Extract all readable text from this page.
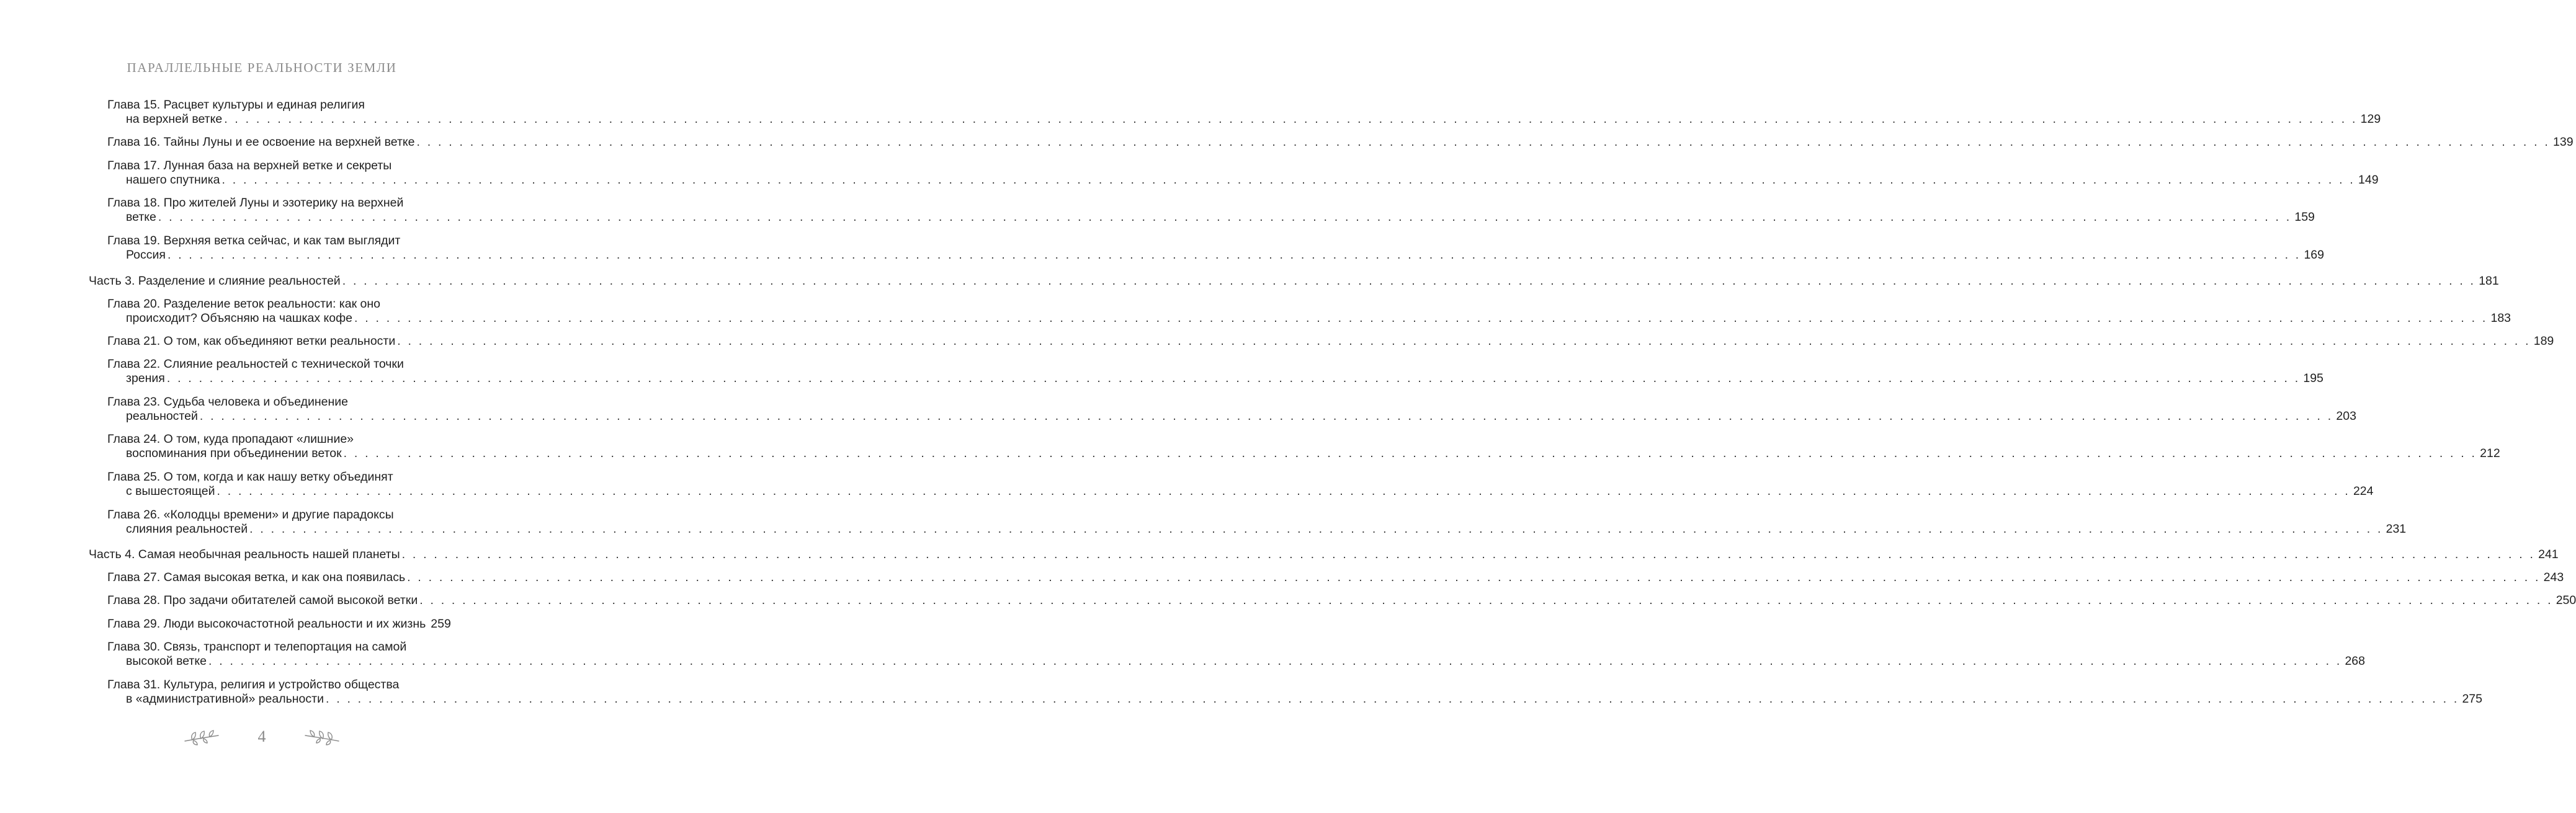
ПАРАЛЛЕЛЬНЫЕ РЕАЛЬНОСТИ ЗЕМЛИ
Глава 15. Расцвет культуры и единая религия
на верхней ветке . . . . . . . . . . . . . . . . . . . . . . . . . . . . . . . . . . . . . . . . . . . . . . . . . . . . . . . . . . . . . . . . . . . . . . . . . . . . . . . . . . . . . . . . . . . . . . . . . . . . . . . . . . . . . . . . . . . . . . . . . . . . . . . . . . . . . . . . . . . . . . . . . . . . . . . . . . . . . . . . . . . . . . . . . . . . . . . . . . . . . . . . . . . . . . . . . . . . . . . . 129
Глава 16. Тайны Луны и ее освоение на верхней ветке . . . . . . . . . . . . . . . . . . . . . . . . . . . . . . . . . . . . . . . . . . . . . . . . . . . . . . . . . . . . . . . . . . . . . . . . . . . . . . . . . . . . . . . . . . . . . . . . . . . . . . . . . . . . . . . . . . . . . . . . . . . . . . . . . . . . . . . . . . . . . . . . . . . . . . . . . . . . . . . . . . . . . . . . . . . . . . . . . . . . . . . . . . . . . . . . . . . . . . . . 139
Глава 17. Лунная база на верхней ветке и секреты
нашего спутника . . . . . . . . . . . . . . . . . . . . . . . . . . . . . . . . . . . . . . . . . . . . . . . . . . . . . . . . . . . . . . . . . . . . . . . . . . . . . . . . . . . . . . . . . . . . . . . . . . . . . . . . . . . . . . . . . . . . . . . . . . . . . . . . . . . . . . . . . . . . . . . . . . . . . . . . . . . . . . . . . . . . . . . . . . . . . . . . . . . . . . . . . . . . . . . . . . . . . . . . 149
Глава 18. Про жителей Луны и эзотерику на верхней
ветке . . . . . . . . . . . . . . . . . . . . . . . . . . . . . . . . . . . . . . . . . . . . . . . . . . . . . . . . . . . . . . . . . . . . . . . . . . . . . . . . . . . . . . . . . . . . . . . . . . . . . . . . . . . . . . . . . . . . . . . . . . . . . . . . . . . . . . . . . . . . . . . . . . . . . . . . . . . . . . . . . . . . . . . . . . . . . . . . . . . . . . . . . . . . . . . . . . . . . . . . 159
Глава 19. Верхняя ветка сейчас, и как там выглядит
Россия . . . . . . . . . . . . . . . . . . . . . . . . . . . . . . . . . . . . . . . . . . . . . . . . . . . . . . . . . . . . . . . . . . . . . . . . . . . . . . . . . . . . . . . . . . . . . . . . . . . . . . . . . . . . . . . . . . . . . . . . . . . . . . . . . . . . . . . . . . . . . . . . . . . . . . . . . . . . . . . . . . . . . . . . . . . . . . . . . . . . . . . . . . . . . . . . . . . . . . . . 169
Часть 3. Разделение и слияние реальностей . . . . . . . . . . . . . . . . . . . . . . . . . . . . . . . . . . . . . . . . . . . . . . . . . . . . . . . . . . . . . . . . . . . . . . . . . . . . . . . . . . . . . . . . . . . . . . . . . . . . . . . . . . . . . . . . . . . . . . . . . . . . . . . . . . . . . . . . . . . . . . . . . . . . . . . . . . . . . . . . . . . . . . . . . . . . . . . . . . . . . . . . . . . . . . . . . . . . . . . . 181
Глава 20. Разделение веток реальности: как оно
происходит? Объясняю на чашках кофе . . . . . . . . . . . . . . . . . . . . . . . . . . . . . . . . . . . . . . . . . . . . . . . . . . . . . . . . . . . . . . . . . . . . . . . . . . . . . . . . . . . . . . . . . . . . . . . . . . . . . . . . . . . . . . . . . . . . . . . . . . . . . . . . . . . . . . . . . . . . . . . . . . . . . . . . . . . . . . . . . . . . . . . . . . . . . . . . . . . . . . . . . . . . . . . . . . . . . . . . 183
Глава 21. О том, как объединяют ветки реальности . . . . . . . . . . . . . . . . . . . . . . . . . . . . . . . . . . . . . . . . . . . . . . . . . . . . . . . . . . . . . . . . . . . . . . . . . . . . . . . . . . . . . . . . . . . . . . . . . . . . . . . . . . . . . . . . . . . . . . . . . . . . . . . . . . . . . . . . . . . . . . . . . . . . . . . . . . . . . . . . . . . . . . . . . . . . . . . . . . . . . . . . . . . . . . . . . . . . . . . . 189
Глава 22. Слияние реальностей с технической точки
зрения . . . . . . . . . . . . . . . . . . . . . . . . . . . . . . . . . . . . . . . . . . . . . . . . . . . . . . . . . . . . . . . . . . . . . . . . . . . . . . . . . . . . . . . . . . . . . . . . . . . . . . . . . . . . . . . . . . . . . . . . . . . . . . . . . . . . . . . . . . . . . . . . . . . . . . . . . . . . . . . . . . . . . . . . . . . . . . . . . . . . . . . . . . . . . . . . . . . . . . . . 195
Глава 23. Судьба человека и объединение
реальностей . . . . . . . . . . . . . . . . . . . . . . . . . . . . . . . . . . . . . . . . . . . . . . . . . . . . . . . . . . . . . . . . . . . . . . . . . . . . . . . . . . . . . . . . . . . . . . . . . . . . . . . . . . . . . . . . . . . . . . . . . . . . . . . . . . . . . . . . . . . . . . . . . . . . . . . . . . . . . . . . . . . . . . . . . . . . . . . . . . . . . . . . . . . . . . . . . . . . . . . . 203
Глава 24. О том, куда пропадают «лишние»
воспоминания при объединении веток . . . . . . . . . . . . . . . . . . . . . . . . . . . . . . . . . . . . . . . . . . . . . . . . . . . . . . . . . . . . . . . . . . . . . . . . . . . . . . . . . . . . . . . . . . . . . . . . . . . . . . . . . . . . . . . . . . . . . . . . . . . . . . . . . . . . . . . . . . . . . . . . . . . . . . . . . . . . . . . . . . . . . . . . . . . . . . . . . . . . . . . . . . . . . . . . . . . . . . . . 212
Глава 25. О том, когда и как нашу ветку объединят
с вышестоящей . . . . . . . . . . . . . . . . . . . . . . . . . . . . . . . . . . . . . . . . . . . . . . . . . . . . . . . . . . . . . . . . . . . . . . . . . . . . . . . . . . . . . . . . . . . . . . . . . . . . . . . . . . . . . . . . . . . . . . . . . . . . . . . . . . . . . . . . . . . . . . . . . . . . . . . . . . . . . . . . . . . . . . . . . . . . . . . . . . . . . . . . . . . . . . . . . . . . . . . . 224
Глава 26. «Колодцы времени» и другие парадоксы
слияния реальностей . . . . . . . . . . . . . . . . . . . . . . . . . . . . . . . . . . . . . . . . . . . . . . . . . . . . . . . . . . . . . . . . . . . . . . . . . . . . . . . . . . . . . . . . . . . . . . . . . . . . . . . . . . . . . . . . . . . . . . . . . . . . . . . . . . . . . . . . . . . . . . . . . . . . . . . . . . . . . . . . . . . . . . . . . . . . . . . . . . . . . . . . . . . . . . . . . . . . . . . . 231
Часть 4. Самая необычная реальность нашей планеты . . . . . . . . . . . . . . . . . . . . . . . . . . . . . . . . . . . . . . . . . . . . . . . . . . . . . . . . . . . . . . . . . . . . . . . . . . . . . . . . . . . . . . . . . . . . . . . . . . . . . . . . . . . . . . . . . . . . . . . . . . . . . . . . . . . . . . . . . . . . . . . . . . . . . . . . . . . . . . . . . . . . . . . . . . . . . . . . . . . . . . . . . . . . . . . . . . . . . . . . 241
Глава 27. Самая высокая ветка, и как она появилась . . . . . . . . . . . . . . . . . . . . . . . . . . . . . . . . . . . . . . . . . . . . . . . . . . . . . . . . . . . . . . . . . . . . . . . . . . . . . . . . . . . . . . . . . . . . . . . . . . . . . . . . . . . . . . . . . . . . . . . . . . . . . . . . . . . . . . . . . . . . . . . . . . . . . . . . . . . . . . . . . . . . . . . . . . . . . . . . . . . . . . . . . . . . . . . . . . . . . . . . 243
Глава 28. Про задачи обитателей самой высокой ветки . . . . . . . . . . . . . . . . . . . . . . . . . . . . . . . . . . . . . . . . . . . . . . . . . . . . . . . . . . . . . . . . . . . . . . . . . . . . . . . . . . . . . . . . . . . . . . . . . . . . . . . . . . . . . . . . . . . . . . . . . . . . . . . . . . . . . . . . . . . . . . . . . . . . . . . . . . . . . . . . . . . . . . . . . . . . . . . . . . . . . . . . . . . . . . . . . . . . . . . . 250
Глава 29. Люди высокочастотной реальности и их жизнь 259
Глава 30. Связь, транспорт и телепортация на самой
высокой ветке . . . . . . . . . . . . . . . . . . . . . . . . . . . . . . . . . . . . . . . . . . . . . . . . . . . . . . . . . . . . . . . . . . . . . . . . . . . . . . . . . . . . . . . . . . . . . . . . . . . . . . . . . . . . . . . . . . . . . . . . . . . . . . . . . . . . . . . . . . . . . . . . . . . . . . . . . . . . . . . . . . . . . . . . . . . . . . . . . . . . . . . . . . . . . . . . . . . . . . . . 268
Глава 31. Культура, религия и устройство общества
в «административной» реальности . . . . . . . . . . . . . . . . . . . . . . . . . . . . . . . . . . . . . . . . . . . . . . . . . . . . . . . . . . . . . . . . . . . . . . . . . . . . . . . . . . . . . . . . . . . . . . . . . . . . . . . . . . . . . . . . . . . . . . . . . . . . . . . . . . . . . . . . . . . . . . . . . . . . . . . . . . . . . . . . . . . . . . . . . . . . . . . . . . . . . . . . . . . . . . . . . . . . . . . . 275
4
